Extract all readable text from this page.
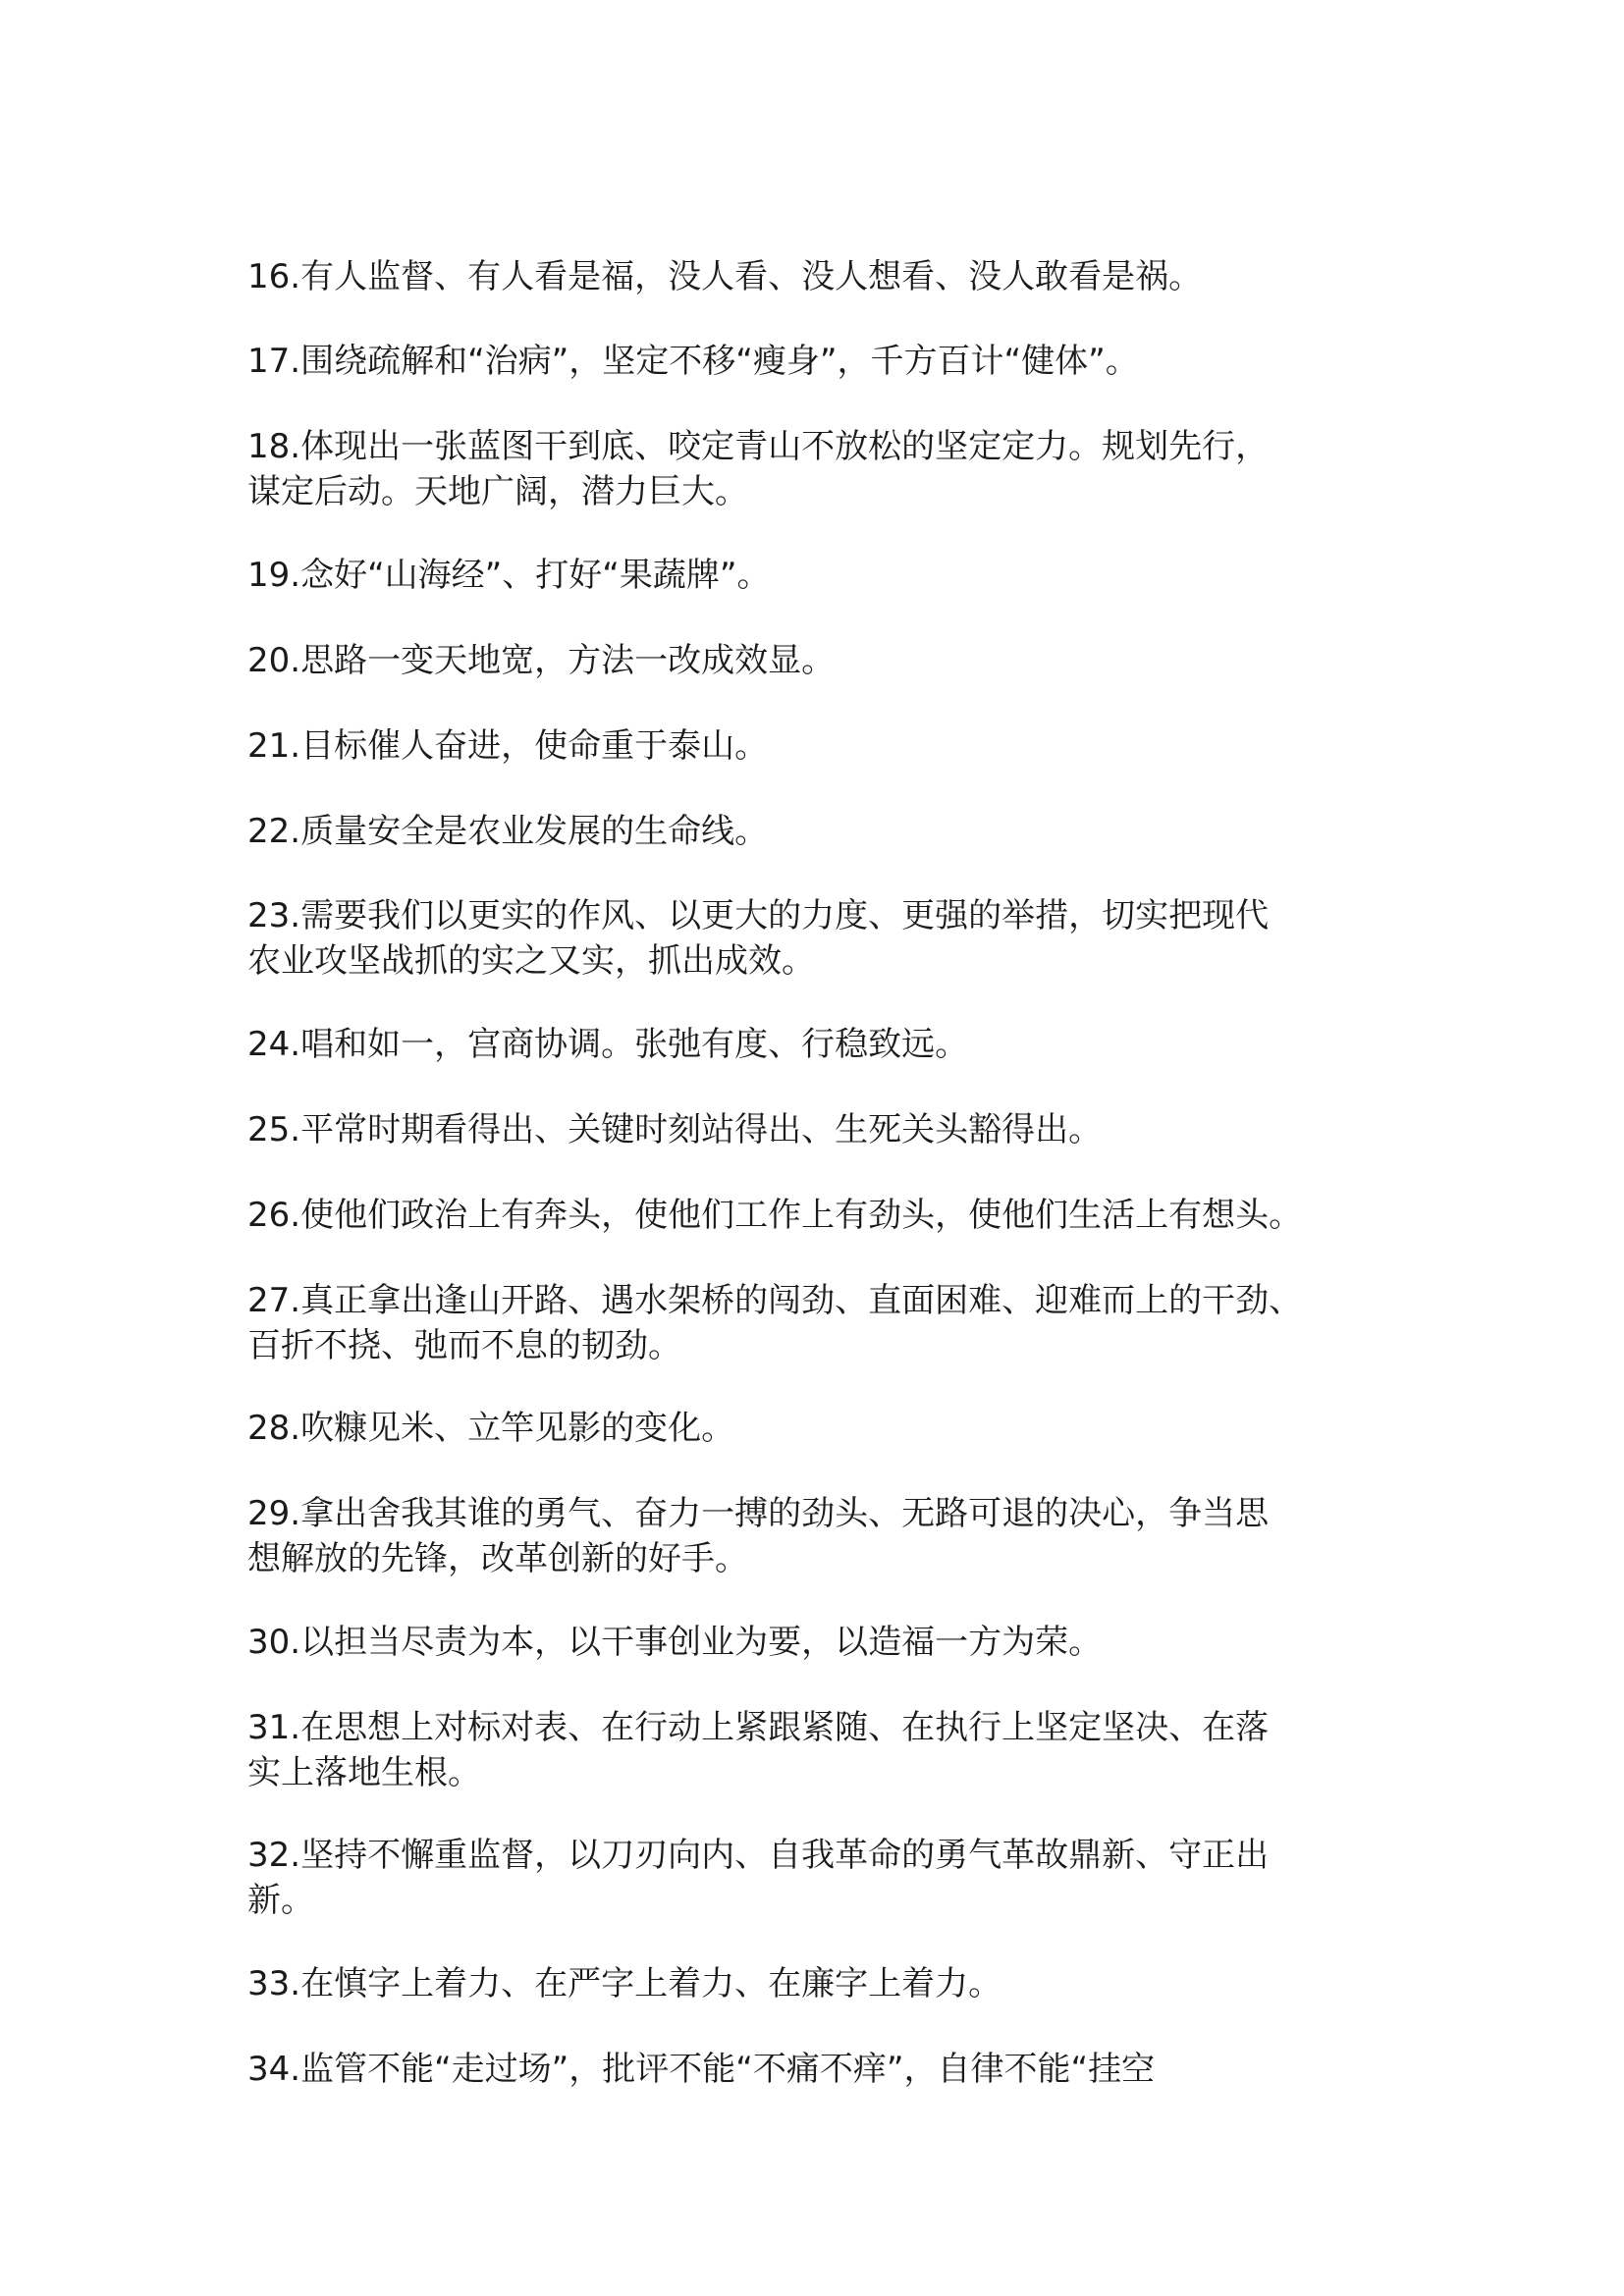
16.有人监督、有人看是福，没人看、没人想看、没人敢看是祸。

17.围绕疏解和“治病”，坚定不移“瘦身”，千方百计“健体”。

18.体现出一张蓝图干到底、咬定青山不放松的坚定定力。规划先行，
谋定后动。天地广阔，潜力巨大。

19.念好“山海经”、打好“果蔬牌”。

20.思路一变天地宽，方法一改成效显。

21.目标催人奋进，使命重于泰山。

22.质量安全是农业发展的生命线。

23.需要我们以更实的作风、以更大的力度、更强的举措，切实把现代
农业攻坚战抓的实之又实，抓出成效。

24.唱和如一，宫商协调。张弛有度、行稳致远。

25.平常时期看得出、关键时刻站得出、生死关头豁得出。

26.使他们政治上有奔头，使他们工作上有劲头，使他们生活上有想头。

27.真正拿出逢山开路、遇水架桥的闯劲、直面困难、迎难而上的干劲、
百折不挠、弛而不息的韧劲。

28.吹糠见米、立竿见影的变化。

29.拿出舍我其谁的勇气、奋力一搏的劲头、无路可退的决心，争当思
想解放的先锋，改革创新的好手。

30.以担当尽责为本，以干事创业为要，以造福一方为荣。

31.在思想上对标对表、在行动上紧跟紧随、在执行上坚定坚决、在落
实上落地生根。

32.坚持不懈重监督，以刀刃向内、自我革命的勇气革故鼎新、守正出
新。

33.在慎字上着力、在严字上着力、在廉字上着力。

34.监管不能“走过场”，批评不能“不痛不痒”，自律不能“挂空
